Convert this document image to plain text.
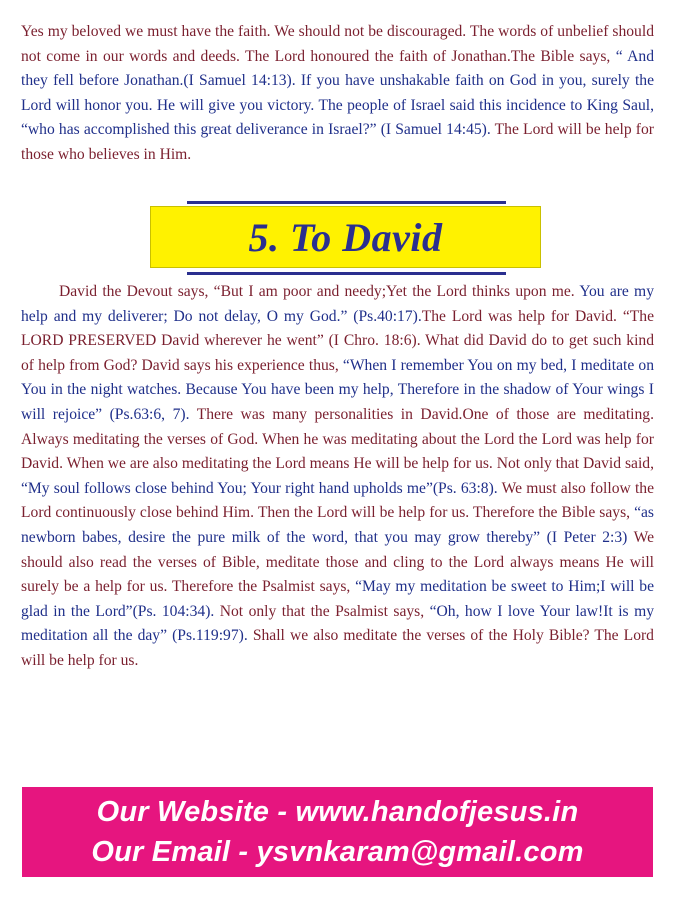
Yes my beloved we must have the faith. We should not be discouraged. The words of unbelief should not come in our words and deeds. The Lord honoured the faith of Jonathan.The Bible says, “ And they fell before Jonathan.(I Samuel 14:13). If you have unshakable faith on God in you, surely the Lord will honor you. He will give you victory. The people of Israel said this incidence to King Saul, “who has accomplished this great deliverance in Israel?” (I Samuel 14:45). The Lord will be help for those who believes in Him.

5. To David

David the Devout says, “But I am poor and needy;Yet the Lord thinks upon me. You are my help and my deliverer; Do not delay, O my God.” (Ps.40:17).The Lord was help for David. “The LORD PRESERVED David wherever he went” (I Chro. 18:6). What did David do to get such kind of help from God? David says his experience thus, “When I remember You on my bed, I meditate on You in the night watches. Because You have been my help, Therefore in the shadow of Your wings I will rejoice” (Ps.63:6, 7). There was many personalities in David.One of those are meditating. Always meditating the verses of God. When he was meditating about the Lord the Lord was help for David. When we are also meditating the Lord means He will be help for us. Not only that David said, “My soul follows close behind You; Your right hand upholds me”(Ps. 63:8). We must also follow the Lord continuously close behind Him. Then the Lord will be help for us. Therefore the Bible says, “as newborn babes, desire the pure milk of the word, that you may grow thereby” (I Peter 2:3) We should also read the verses of Bible, meditate those and cling to the Lord always means He will surely be a help for us. Therefore the Psalmist says, “May my meditation be sweet to Him;I will be glad in the Lord”(Ps. 104:34). Not only that the Psalmist says, “Oh, how I love Your law!It is my meditation all the day” (Ps.119:97). Shall we also meditate the verses of the Holy Bible? The Lord will be help for us.

Our Website - www.handofjesus.in
Our Email - ysvnkaram@gmail.com
